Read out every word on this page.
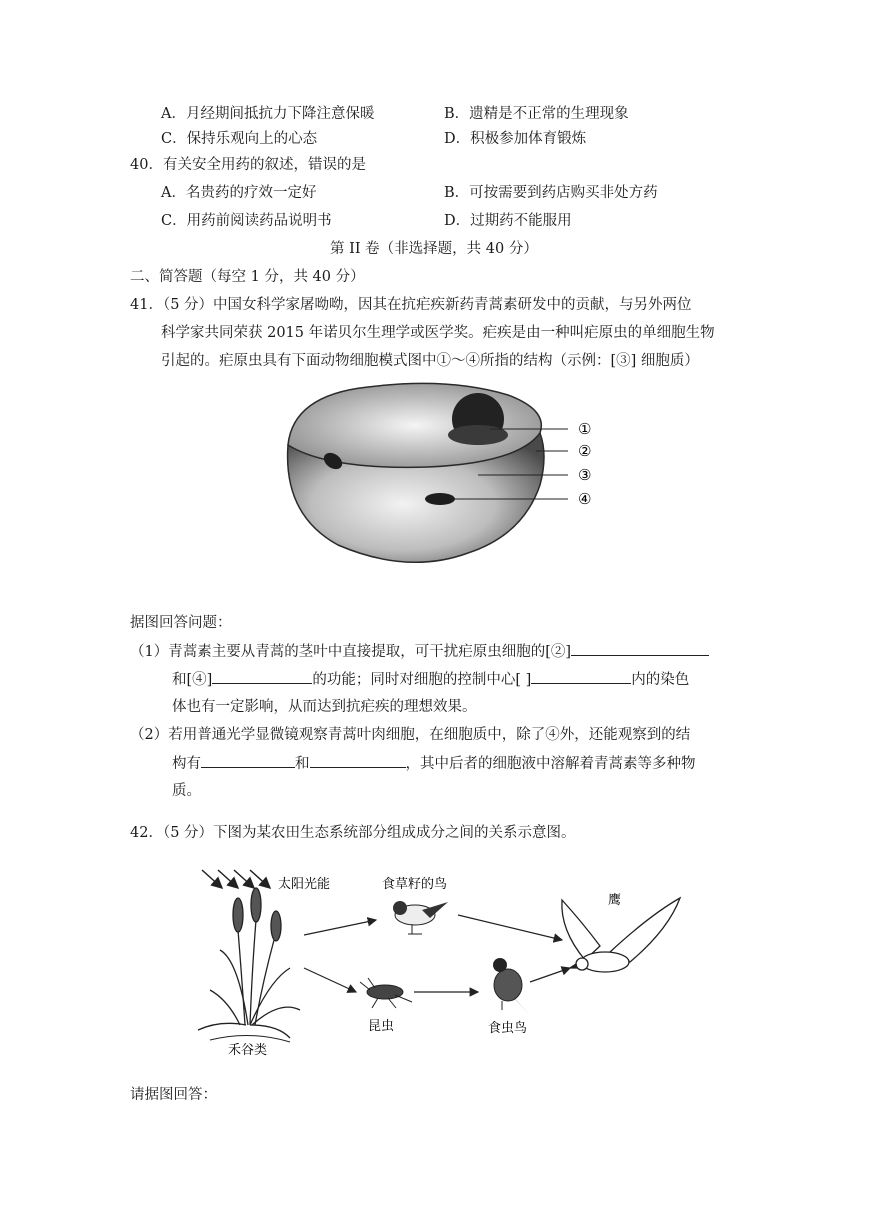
A．月经期间抵抗力下降注意保暖	B．遗精是不正常的生理现象
C．保持乐观向上的心态	D．积极参加体育锻炼
40．有关安全用药的叙述，错误的是
A．名贵药的疗效一定好	B．可按需要到药店购买非处方药
C．用药前阅读药品说明书	D．过期药不能服用
第 II 卷（非选择题，共 40 分）
二、简答题（每空 1 分，共 40 分）
41．（5 分）中国女科学家屠呦呦，因其在抗疟疾新药青蒿素研发中的贡献，与另外两位
科学家共同荣获 2015 年诺贝尔生理学或医学奖。疟疾是由一种叫疟原虫的单细胞生物
引起的。疟原虫具有下面动物细胞模式图中①～④所指的结构（示例：[③] 细胞质）
①
②
③
④
据图回答问题：
（1）青蒿素主要从青蒿的茎叶中直接提取，可干扰疟原虫细胞的[②]
和[④]	的功能；同时对细胞的控制中心[ ]	内的染色
体也有一定影响，从而达到抗疟疾的理想效果。
（2）若用普通光学显微镜观察青蒿叶肉细胞，在细胞质中，除了④外，还能观察到的结
构有	和	，其中后者的细胞液中溶解着青蒿素等多种物
质。
42．（5 分）下图为某农田生态系统部分组成成分之间的关系示意图。
太阳光能
禾谷类
食草籽的鸟
鹰
昆虫	食虫鸟
请据图回答：
